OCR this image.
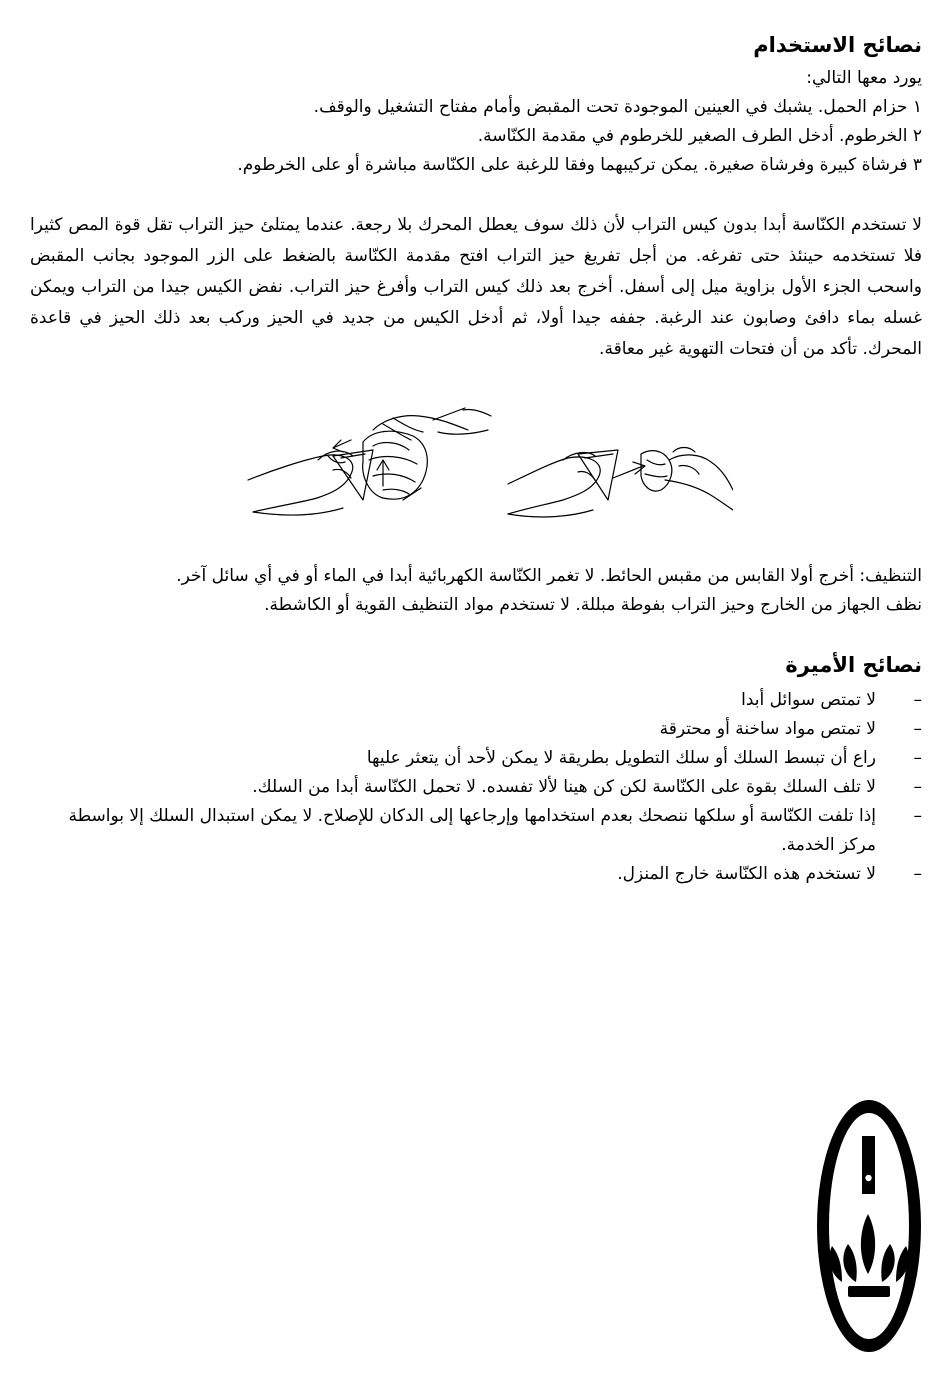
نصائح الاستخدام

يورد معها التالي:

١ حزام الحمل. يشبك في العينين الموجودة تحت المقبض وأمام مفتاح التشغيل والوقف.

٢ الخرطوم. أدخل الطرف الصغير للخرطوم في مقدمة الكنّاسة.

٣ فرشاة كبيرة وفرشاة صغيرة. يمكن تركيبهما وفقا للرغبة على الكنّاسة مباشرة أو على الخرطوم.

لا تستخدم الكنّاسة أبدا بدون كيس التراب لأن ذلك سوف يعطل المحرك بلا رجعة. عندما يمتلئ حيز التراب تقل قوة المص كثيرا فلا تستخدمه حينئذ حتى تفرغه. من أجل تفريغ حيز التراب افتح مقدمة الكنّاسة بالضغط على الزر الموجود بجانب المقبض واسحب الجزء الأول بزاوية ميل إلى أسفل. أخرج بعد ذلك كيس التراب وأفرغ حيز التراب. نفض الكيس جيدا من التراب ويمكن غسله بماء دافئ وصابون عند الرغبة. جففه جيدا أولا، ثم أدخل الكيس من جديد في الحيز وركب بعد ذلك الحيز في قاعدة المحرك. تأكد من أن فتحات التهوية غير معاقة.

التنظيف: أخرج أولا القابس من مقبس الحائط. لا تغمر الكنّاسة الكهربائية أبدا في الماء أو في أي سائل آخر.

نظف الجهاز من الخارج وحيز التراب بفوطة مبللة. لا تستخدم مواد التنظيف القوية أو الكاشطة.

نصائح الأميرة
–
لا تمتص سوائل أبدا
–
لا تمتص مواد ساخنة أو محترقة
–
راع أن تبسط السلك أو سلك التطويل بطريقة لا يمكن لأحد أن يتعثر عليها
–
لا تلف السلك بقوة على الكنّاسة لكن كن هينا لألا تفسده. لا تحمل الكنّاسة أبدا من السلك.
–
إذا تلفت الكنّاسة أو سلكها ننصحك بعدم استخدامها وإرجاعها إلى الدكان للإصلاح. لا يمكن استبدال السلك إلا بواسطة مركز الخدمة.
–
لا تستخدم هذه الكنّاسة خارج المنزل.
